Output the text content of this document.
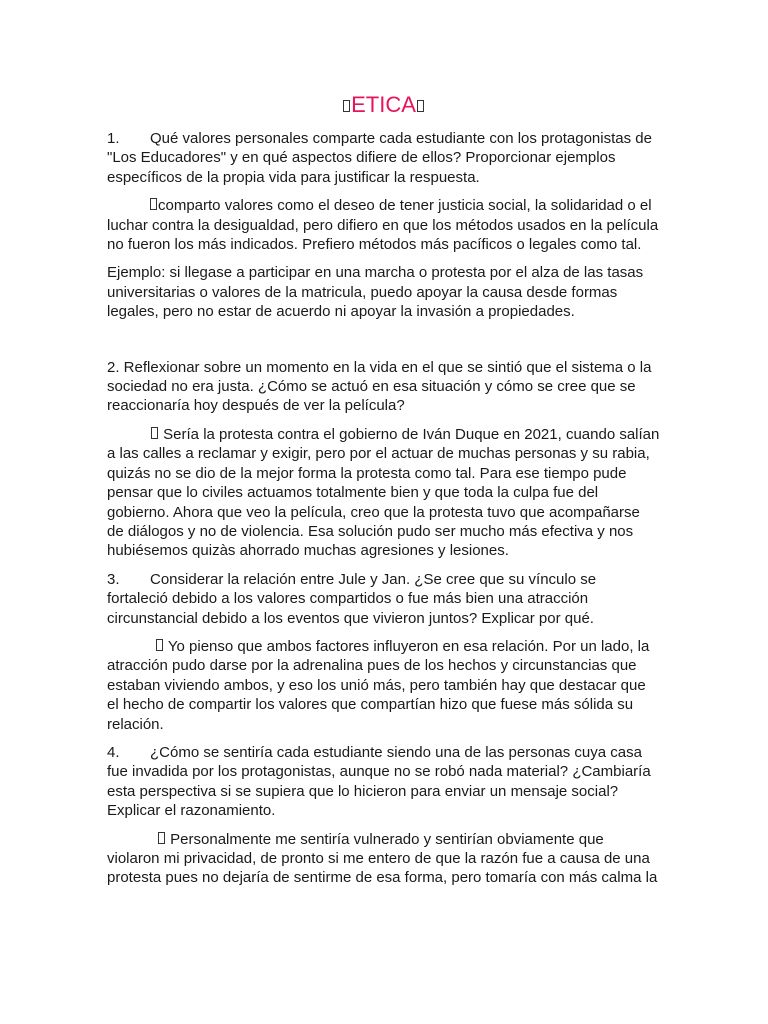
ETICA

1. Qué valores personales comparte cada estudiante con los protagonistas de "Los Educadores" y en qué aspectos difiere de ellos? Proporcionar ejemplos específicos de la propia vida para justificar la respuesta.

comparto valores como el deseo de tener justicia social, la solidaridad o el luchar contra la desigualdad, pero difiero en que los métodos usados en la película no fueron los más indicados. Prefiero métodos más pacíficos o legales como tal.

Ejemplo: si llegase a participar en una marcha o protesta por el alza de las tasas universitarias o valores de la matricula, puedo apoyar la causa desde formas legales, pero no estar de acuerdo ni apoyar la invasión a propiedades.

2. Reflexionar sobre un momento en la vida en el que se sintió que el sistema o la sociedad no era justa. ¿Cómo se actuó en esa situación y cómo se cree que se reaccionaría hoy después de ver la película?

Sería la protesta contra el gobierno de Iván Duque en 2021, cuando salían a las calles a reclamar y exigir, pero por el actuar de muchas personas y su rabia, quizás no se dio de la mejor forma la protesta como tal. Para ese tiempo pude pensar que lo civiles actuamos totalmente bien y que toda la culpa fue del gobierno. Ahora que veo la película, creo que la protesta tuvo que acompañarse de diálogos y no de violencia. Esa solución pudo ser mucho más efectiva y nos hubiésemos quizàs ahorrado muchas agresiones y lesiones.

3. Considerar la relación entre Jule y Jan. ¿Se cree que su vínculo se fortaleció debido a los valores compartidos o fue más bien una atracción circunstancial debido a los eventos que vivieron juntos? Explicar por qué.

Yo pienso que ambos factores influyeron en esa relación. Por un lado, la atracción pudo darse por la adrenalina pues de los hechos y circunstancias que estaban viviendo ambos, y eso los unió más, pero también hay que destacar que el hecho de compartir los valores que compartían hizo que fuese más sólida su relación.

4. ¿Cómo se sentiría cada estudiante siendo una de las personas cuya casa fue invadida por los protagonistas, aunque no se robó nada material? ¿Cambiaría esta perspectiva si se supiera que lo hicieron para enviar un mensaje social? Explicar el razonamiento.

Personalmente me sentiría vulnerado y sentirían obviamente que violaron mi privacidad, de pronto si me entero de que la razón fue a causa de una protesta pues no dejaría de sentirme de esa forma, pero tomaría con más calma la
